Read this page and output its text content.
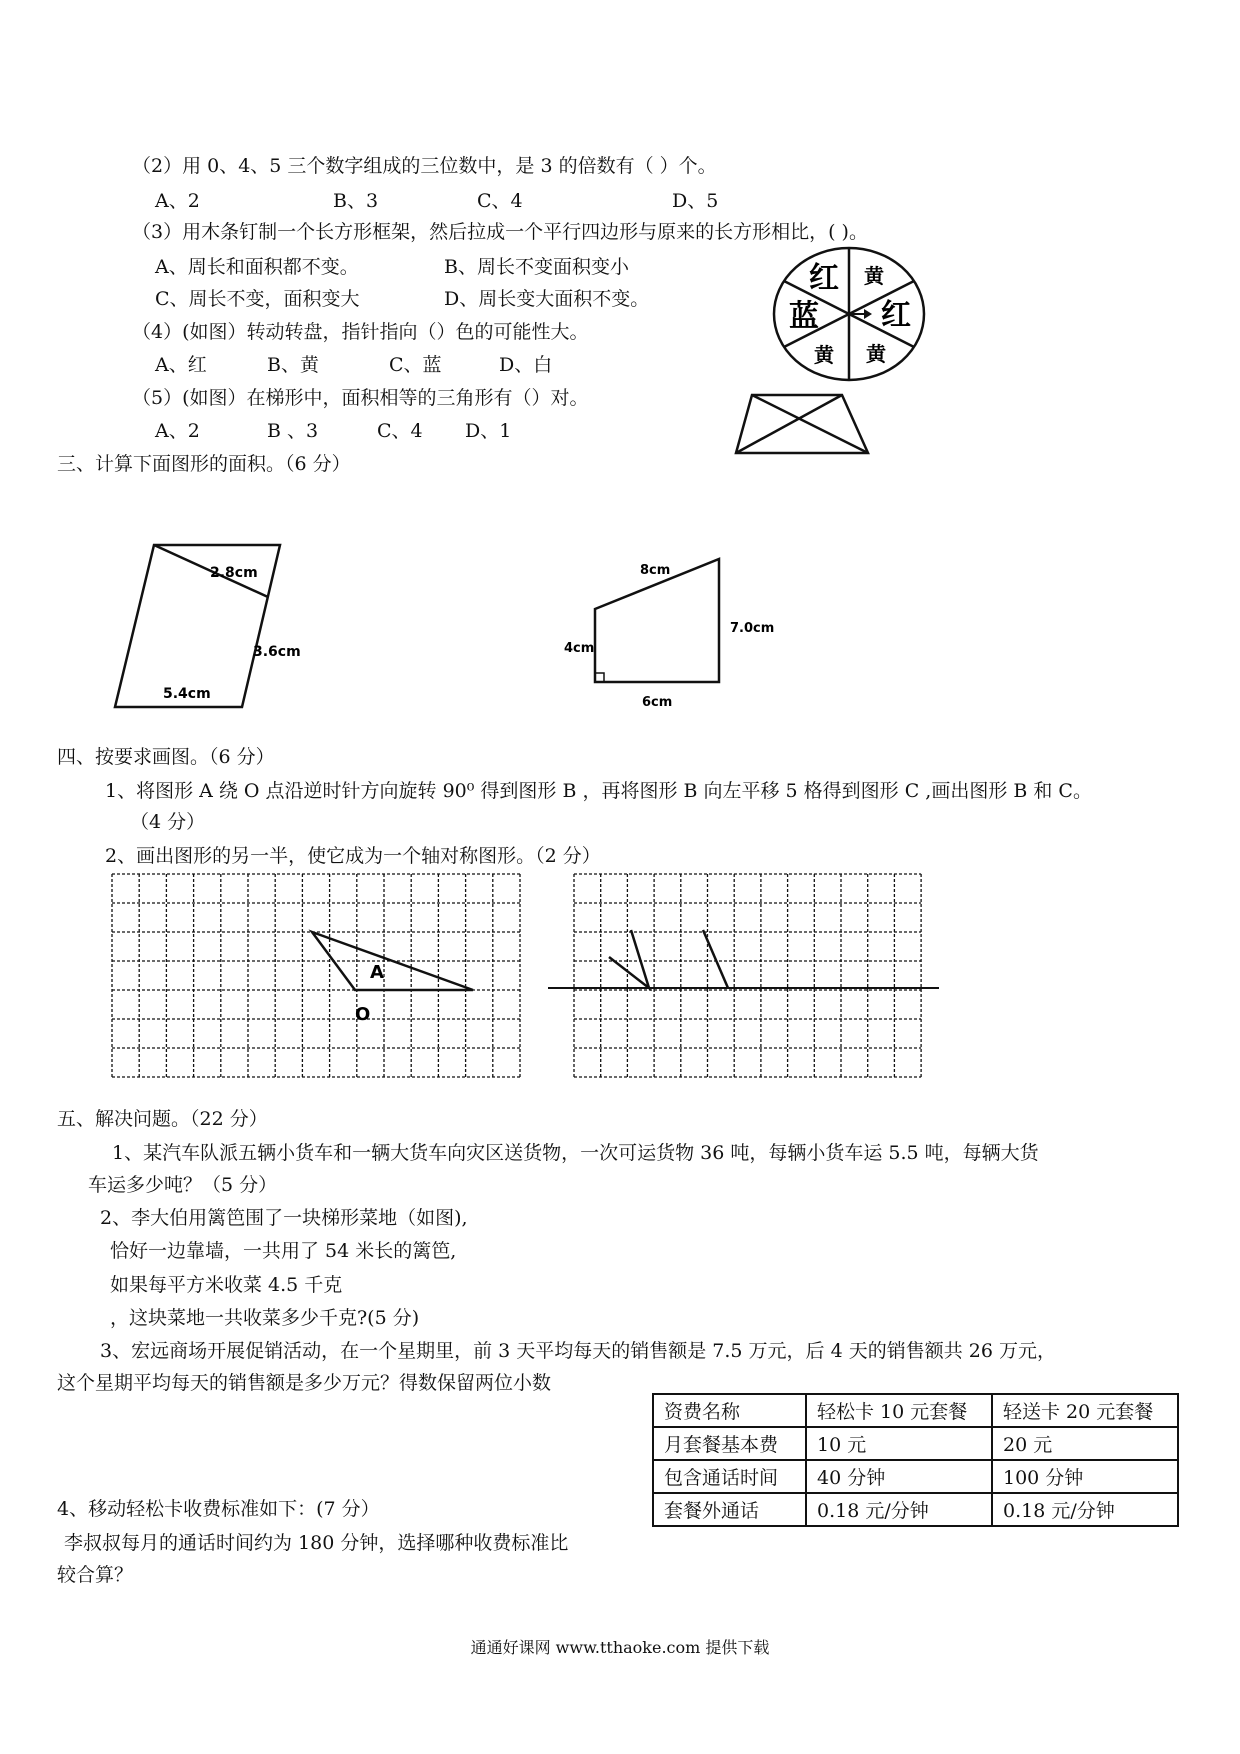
（2）用 0、4、5 三个数字组成的三位数中，是 3 的倍数有（ ）个。
A、2	B、3	C、4	D、5
（3）用木条钉制一个长方形框架，然后拉成一个平行四边形与原来的长方形相比，( )。
A、周长和面积都不变。	B、周长不变面积变小
C、周长不变，面积变大	D、周长变大面积不变。
（4）(如图）转动转盘，指针指向（）色的可能性大。
A、红	B、黄	C、蓝	D、白
（5）(如图）在梯形中，面积相等的三角形有（）对。
A、2	B 、3	C、4 D、1
红 黄
红
黄
黄
蓝
三、计算下面图形的面积。（6 分）
2.8cm
3.6cm
5.4cm
8cm
7.0cm
4cm
6cm
四、按要求画图。（6 分）
1、将图形 A 绕 O 点沿逆时针方向旋转 90⁰ 得到图形 B ，再将图形 B 向左平移 5 格得到图形 C ,画出图形 B 和 C。
（4 分）
2、画出图形的另一半，使它成为一个轴对称图形。（2 分）
A
O
五、解决问题。（22 分）
1、某汽车队派五辆小货车和一辆大货车向灾区送货物，一次可运货物 36 吨，每辆小货车运 5.5 吨，每辆大货
车运多少吨？（5 分）
2、李大伯用篱笆围了一块梯形菜地（如图),
恰好一边靠墙，一共用了 54 米长的篱笆,
如果每平方米收菜 4.5 千克
，这块菜地一共收菜多少千克?(5 分)
3、宏远商场开展促销活动，在一个星期里，前 3 天平均每天的销售额是 7.5 万元，后 4 天的销售额共 26 万元，
这个星期平均每天的销售额是多少万元？得数保留两位小数
4、移动轻松卡收费标准如下：(7 分）
李叔叔每月的通话时间约为 180 分钟，选择哪种收费标准比
较合算？
资费名称	轻松卡 10 元套餐	轻送卡 20 元套餐
月套餐基本费	10 元	20 元
包含通话时间	40 分钟	100 分钟
套餐外通话	0.18 元/分钟	0.18 元/分钟
通通好课网 www.tthaoke.com 提供下载
